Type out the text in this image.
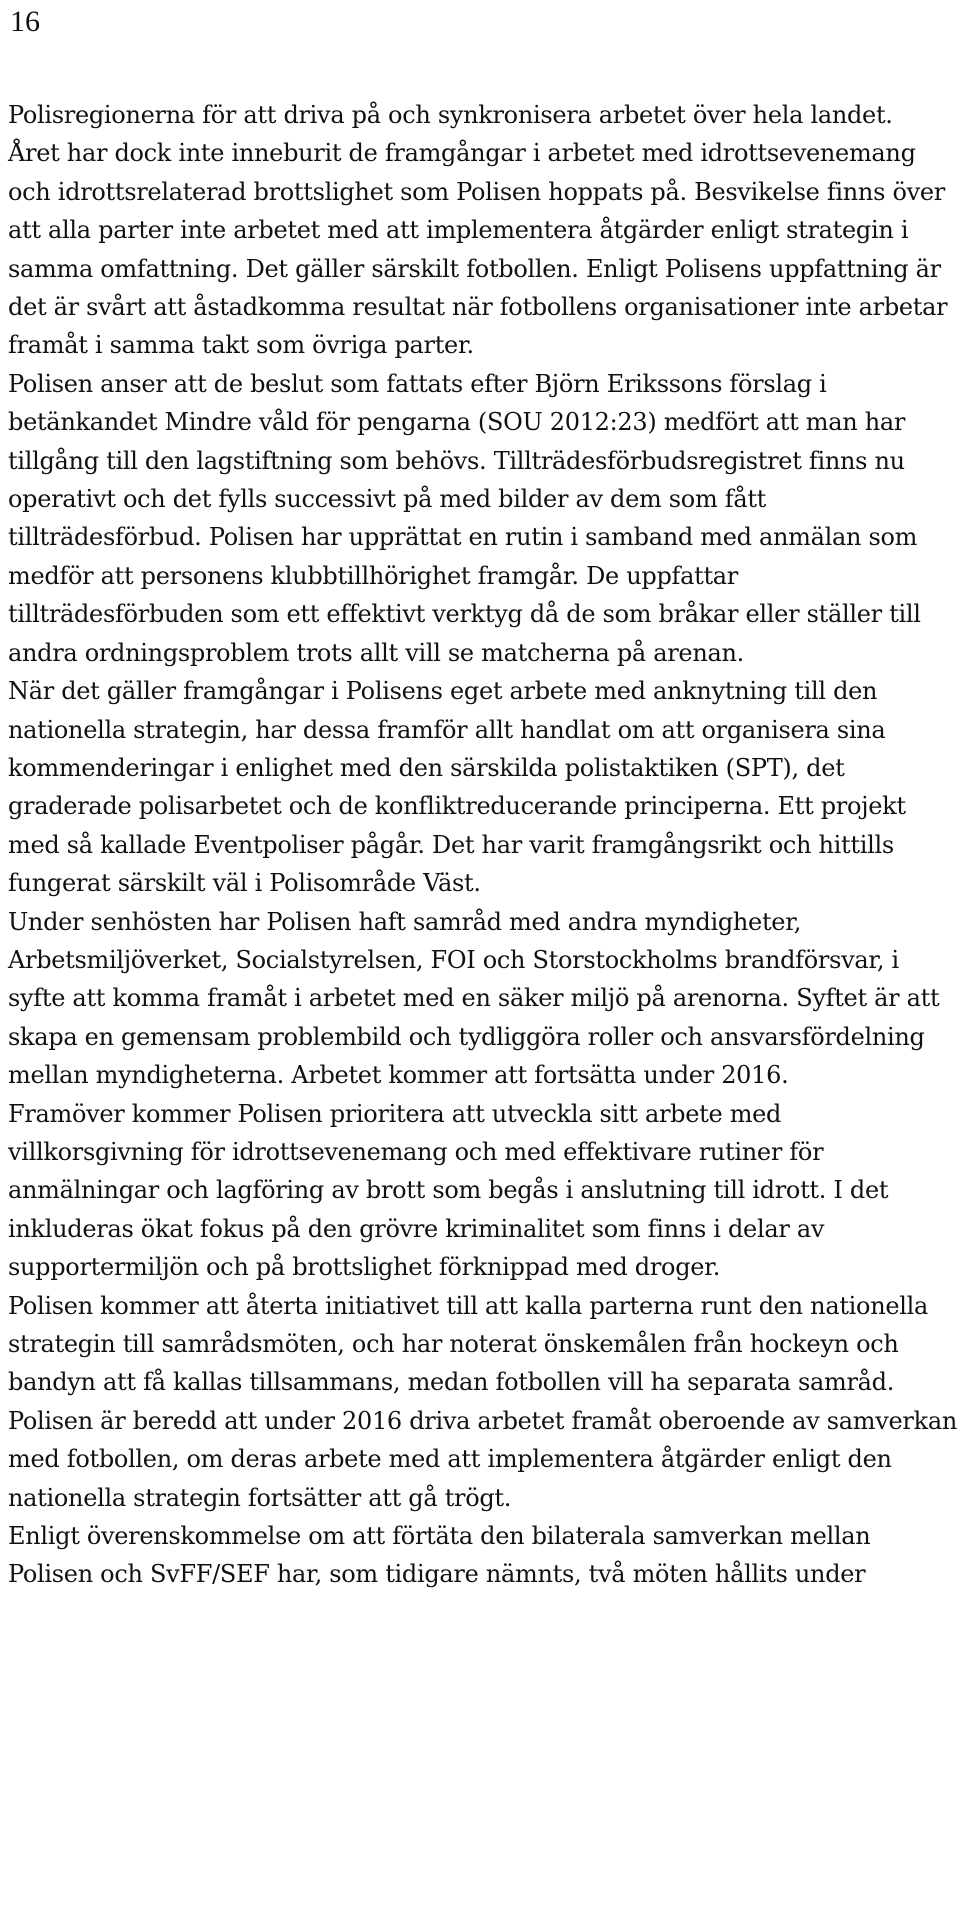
16

Polisregionerna för att driva på och synkronisera arbetet över hela landet.

Året har dock inte inneburit de framgångar i arbetet med idrottsevenemang och idrottsrelaterad brottslighet som Polisen hoppats på. Besvikelse finns över att alla parter inte arbetet med att implementera åtgärder enligt strategin i samma omfattning. Det gäller särskilt fotbollen. Enligt Polisens uppfattning är det är svårt att åstadkomma resultat när fotbollens organisationer inte arbetar framåt i samma takt som övriga parter.

Polisen anser att de beslut som fattats efter Björn Erikssons förslag i betänkandet Mindre våld för pengarna (SOU 2012:23) medfört att man har tillgång till den lagstiftning som behövs. Tillträdesförbudsregistret finns nu operativt och det fylls successivt på med bilder av dem som fått tillträdesförbud. Polisen har upprättat en rutin i samband med anmälan som medför att personens klubbtillhörighet framgår. De uppfattar tillträdesförbuden som ett effektivt verktyg då de som bråkar eller ställer till andra ordningsproblem trots allt vill se matcherna på arenan.

När det gäller framgångar i Polisens eget arbete med anknytning till den nationella strategin, har dessa framför allt handlat om att organisera sina kommenderingar i enlighet med den särskilda polistaktiken (SPT), det graderade polisarbetet och de konfliktreducerande principerna. Ett projekt med så kallade Eventpoliser pågår. Det har varit framgångsrikt och hittills fungerat särskilt väl i Polisområde Väst.

Under senhösten har Polisen haft samråd med andra myndigheter, Arbetsmiljöverket, Socialstyrelsen, FOI och Storstockholms brandförsvar, i syfte att komma framåt i arbetet med en säker miljö på arenorna. Syftet är att skapa en gemensam problembild och tydliggöra roller och ansvarsfördelning mellan myndigheterna. Arbetet kommer att fortsätta under 2016.

Framöver kommer Polisen prioritera att utveckla sitt arbete med villkorsgivning för idrottsevenemang och med effektivare rutiner för anmälningar och lagföring av brott som begås i anslutning till idrott. I det inkluderas ökat fokus på den grövre kriminalitet som finns i delar av supportermiljön och på brottslighet förknippad med droger.

Polisen kommer att återta initiativet till att kalla parterna runt den nationella strategin till samrådsmöten, och har noterat önskemålen från hockeyn och bandyn att få kallas tillsammans, medan fotbollen vill ha separata samråd. Polisen är beredd att under 2016 driva arbetet framåt oberoende av samverkan med fotbollen, om deras arbete med att implementera åtgärder enligt den nationella strategin fortsätter att gå trögt.

Enligt överenskommelse om att förtäta den bilaterala samverkan mellan Polisen och SvFF/SEF har, som tidigare nämnts, två möten hållits under
